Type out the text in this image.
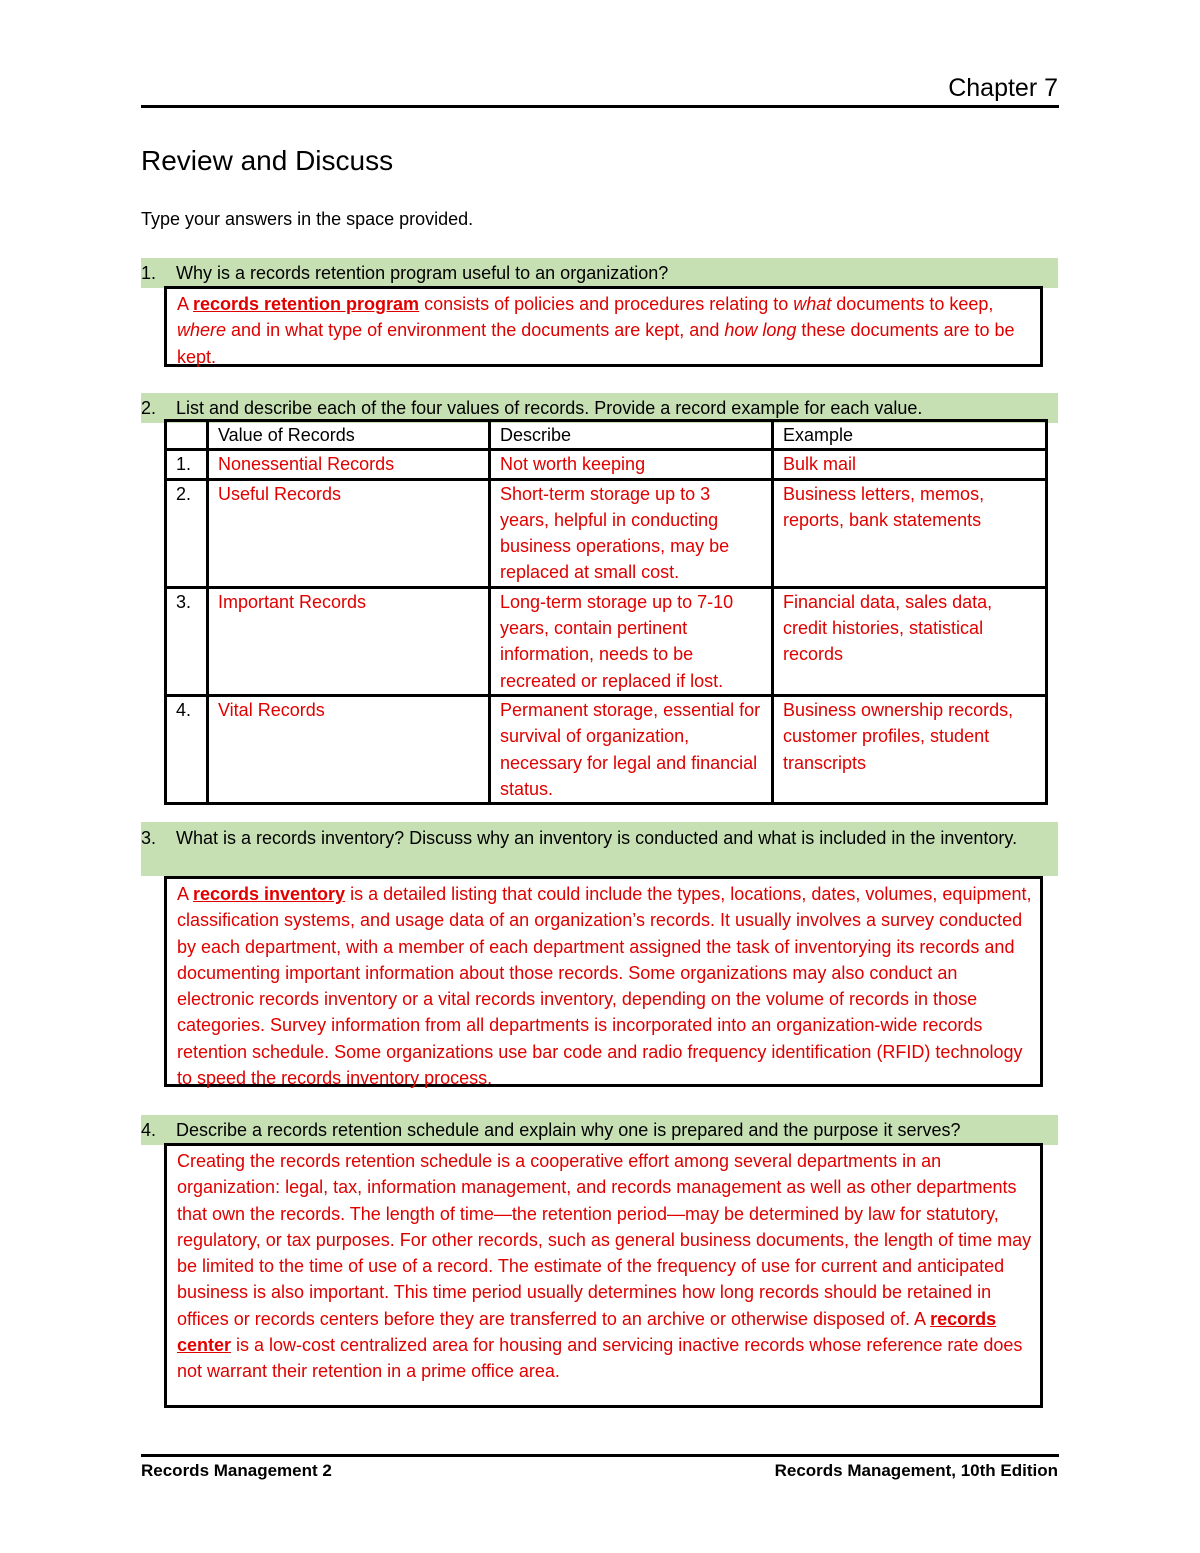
Chapter 7
Review and Discuss
Type your answers in the space provided.
1. Why is a records retention program useful to an organization?
A records retention program consists of policies and procedures relating to what documents to keep, where and in what type of environment the documents are kept, and how long these documents are to be kept.
2. List and describe each of the four values of records. Provide a record example for each value.
	Value of Records	Describe	Example
1.	Nonessential Records	Not worth keeping	Bulk mail
2.	Useful Records	Short-term storage up to 3 years, helpful in conducting business operations, may be replaced at small cost.	Business letters, memos, reports, bank statements
3.	Important Records	Long-term storage up to 7-10 years, contain pertinent information, needs to be recreated or replaced if lost.	Financial data, sales data, credit histories, statistical records
4.	Vital Records	Permanent storage, essential for survival of organization, necessary for legal and financial status.	Business ownership records, customer profiles, student transcripts
3. What is a records inventory? Discuss why an inventory is conducted and what is included in the inventory.
A records inventory is a detailed listing that could include the types, locations, dates, volumes, equipment, classification systems, and usage data of an organization’s records. It usually involves a survey conducted by each department, with a member of each department assigned the task of inventorying its records and documenting important information about those records. Some organizations may also conduct an electronic records inventory or a vital records inventory, depending on the volume of records in those categories. Survey information from all departments is incorporated into an organization-wide records retention schedule. Some organizations use bar code and radio frequency identification (RFID) technology to speed the records inventory process.
4. Describe a records retention schedule and explain why one is prepared and the purpose it serves?
Creating the records retention schedule is a cooperative effort among several departments in an organization: legal, tax, information management, and records management as well as other departments that own the records. The length of time—the retention period—may be determined by law for statutory, regulatory, or tax purposes. For other records, such as general business documents, the length of time may be limited to the time of use of a record. The estimate of the frequency of use for current and anticipated business is also important. This time period usually determines how long records should be retained in offices or records centers before they are transferred to an archive or otherwise disposed of. A records center is a low-cost centralized area for housing and servicing inactive records whose reference rate does not warrant their retention in a prime office area.
Records Management 2	Records Management, 10th Edition
